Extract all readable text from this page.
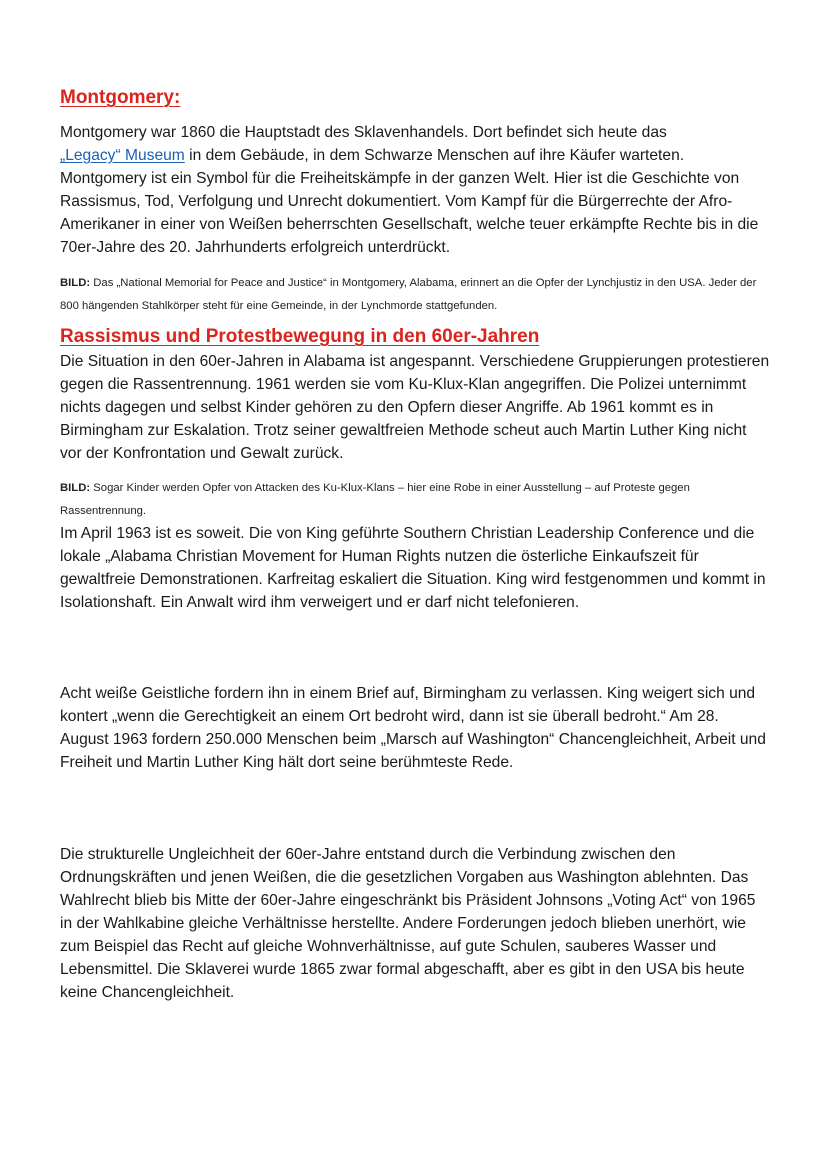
Montgomery:

Montgomery war 1860 die Hauptstadt des Sklavenhandels. Dort befindet sich heute das
„Legacy“ Museum in dem Gebäude, in dem Schwarze Menschen auf ihre Käufer warteten. Montgomery ist ein Symbol für die Freiheitskämpfe in der ganzen Welt. Hier ist die Geschichte von Rassismus, Tod, Verfolgung und Unrecht dokumentiert. Vom Kampf für die Bürgerrechte der Afro-Amerikaner in einer von Weißen beherrschten Gesellschaft, welche teuer erkämpfte Rechte bis in die 70er-Jahre des 20. Jahrhunderts erfolgreich unterdrückt.

BILD: Das „National Memorial for Peace and Justice“ in Montgomery, Alabama, erinnert an die Opfer der Lynchjustiz in den USA. Jeder der 800 hängenden Stahlkörper steht für eine Gemeinde, in der Lynchmorde stattgefunden.

Rassismus und Protestbewegung in den 60er-Jahren

Die Situation in den 60er-Jahren in Alabama ist angespannt. Verschiedene Gruppierungen protestieren gegen die Rassentrennung. 1961 werden sie vom Ku-Klux-Klan angegriffen. Die Polizei unternimmt nichts dagegen und selbst Kinder gehören zu den Opfern dieser Angriffe. Ab 1961 kommt es in Birmingham zur Eskalation. Trotz seiner gewaltfreien Methode scheut auch Martin Luther King nicht vor der Konfrontation und Gewalt zurück.

BILD: Sogar Kinder werden Opfer von Attacken des Ku-Klux-Klans – hier eine Robe in einer Ausstellung – auf Proteste gegen Rassentrennung.

Im April 1963 ist es soweit. Die von King geführte Southern Christian Leadership Conference und die lokale „Alabama Christian Movement for Human Rights nutzen die österliche Einkaufszeit für gewaltfreie Demonstrationen. Karfreitag eskaliert die Situation. King wird festgenommen und kommt in Isolationshaft. Ein Anwalt wird ihm verweigert und er darf nicht telefonieren.

Acht weiße Geistliche fordern ihn in einem Brief auf, Birmingham zu verlassen. King weigert sich und kontert „wenn die Gerechtigkeit an einem Ort bedroht wird, dann ist sie überall bedroht.“ Am 28. August 1963 fordern 250.000 Menschen beim „Marsch auf Washington“ Chancengleichheit, Arbeit und Freiheit und Martin Luther King hält dort seine berühmteste Rede.

Die strukturelle Ungleichheit der 60er-Jahre entstand durch die Verbindung zwischen den Ordnungskräften und jenen Weißen, die die gesetzlichen Vorgaben aus Washington ablehnten. Das Wahlrecht blieb bis Mitte der 60er-Jahre eingeschränkt bis Präsident Johnsons „Voting Act“ von 1965 in der Wahlkabine gleiche Verhältnisse herstellte. Andere Forderungen jedoch blieben unerhört, wie zum Beispiel das Recht auf gleiche Wohnverhältnisse, auf gute Schulen, sauberes Wasser und Lebensmittel. Die Sklaverei wurde 1865 zwar formal abgeschafft, aber es gibt in den USA bis heute keine Chancengleichheit.
